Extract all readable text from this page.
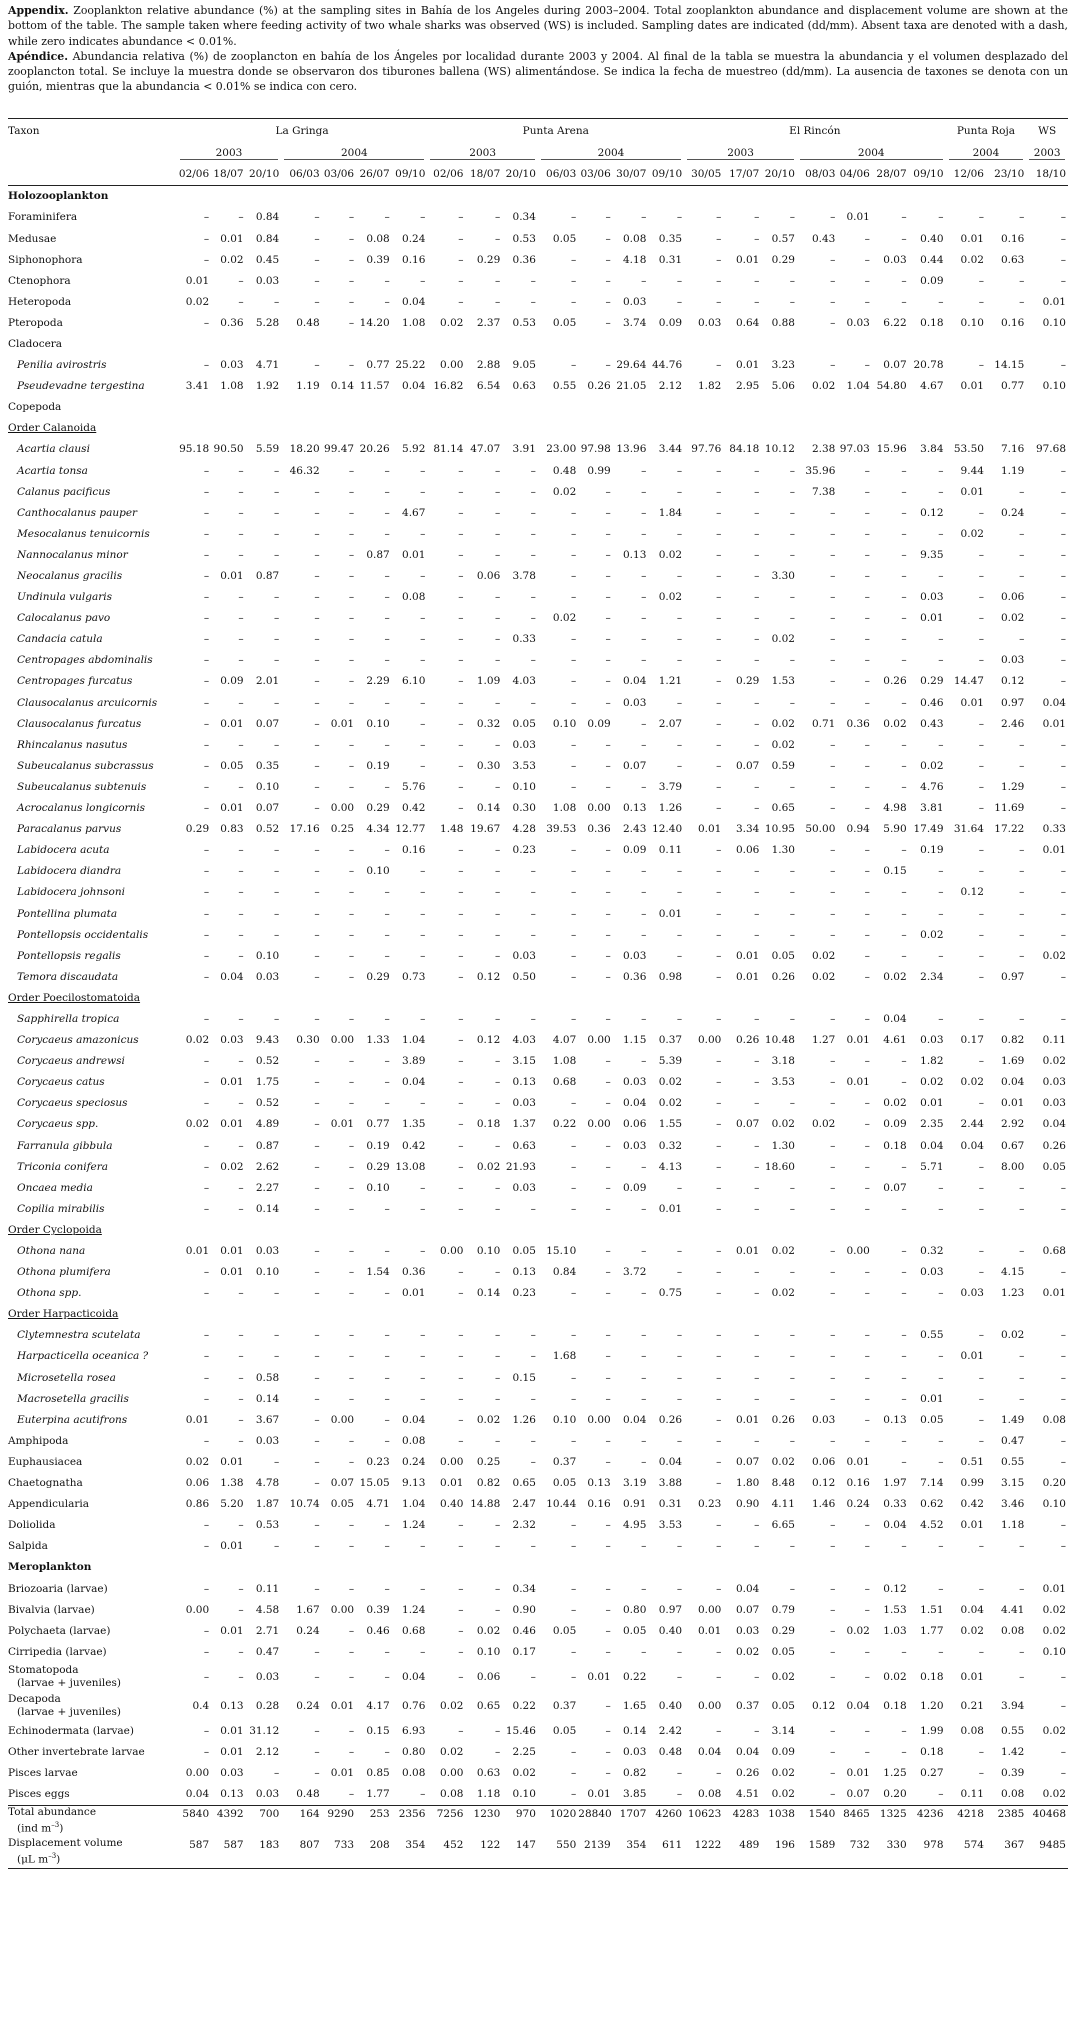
Appendix. Zooplankton relative abundance (%) at the sampling sites in Bahía de los Angeles during 2003–2004. Total zooplankton abundance and displacement volume are shown at the bottom of the table. The sample taken where feeding activity of two whale sharks was observed (WS) is included. Sampling dates are indicated (dd/mm). Absent taxa are denoted with a dash, while zero indicates abundance < 0.01%.

Apéndice. Abundancia relativa (%) de zooplancton en bahía de los Ángeles por localidad durante 2003 y 2004. Al final de la tabla se muestra la abundancia y el volumen desplazado del zooplancton total. Se incluye la muestra donde se observaron dos tiburones ballena (WS) alimentándose. Se indica la fecha de muestreo (dd/mm). La ausencia de taxones se denota con un guión, mientras que la abundancia < 0.01% se indica con cero.

Taxon	La Gringa							Punta Arena							El Rincón							Punta Roja		WS

	2003			2004				2003			2004				2003			2004				2004		2003

	02/06	18/07	20/10	06/03	03/06	26/07	09/10	02/06	18/07	20/10	06/03	03/06	30/07	09/10	30/05	17/07	20/10	08/03	04/06	28/07	09/10	12/06	23/10	18/10
Holozooplankton																								
Foraminifera	–	–	0.84	–	–	–	–	–	–	0.34	–	–	–	–	–	–	–	–	0.01	–	–	–	–	–
Medusae	–	0.01	0.84	–	–	0.08	0.24	–	–	0.53	0.05	–	0.08	0.35	–	–	0.57	0.43	–	–	0.40	0.01	0.16	–
Siphonophora	–	0.02	0.45	–	–	0.39	0.16	–	0.29	0.36	–	–	4.18	0.31	–	0.01	0.29	–	–	0.03	0.44	0.02	0.63	–
Ctenophora	0.01	–	0.03	–	–	–	–	–	–	–	–	–	–	–	–	–	–	–	–	–	0.09	–	–	–
Heteropoda	0.02	–	–	–	–	–	0.04	–	–	–	–	–	0.03	–	–	–	–	–	–	–	–	–	–	0.01
Pteropoda	–	0.36	5.28	0.48	–	14.20	1.08	0.02	2.37	0.53	0.05	–	3.74	0.09	0.03	0.64	0.88	–	0.03	6.22	0.18	0.10	0.16	0.10
Cladocera																								
Penilia avirostris	–	0.03	4.71	–	–	0.77	25.22	0.00	2.88	9.05	–	–	29.64	44.76	–	0.01	3.23	–	–	0.07	20.78	–	14.15	–
Pseudevadne tergestina	3.41	1.08	1.92	1.19	0.14	11.57	0.04	16.82	6.54	0.63	0.55	0.26	21.05	2.12	1.82	2.95	5.06	0.02	1.04	54.80	4.67	0.01	0.77	0.10
Copepoda																								
Order Calanoida																								
Acartia clausi	95.18	90.50	5.59	18.20	99.47	20.26	5.92	81.14	47.07	3.91	23.00	97.98	13.96	3.44	97.76	84.18	10.12	2.38	97.03	15.96	3.84	53.50	7.16	97.68
Acartia tonsa	–	–	–	46.32	–	–	–	–	–	–	0.48	0.99	–	–	–	–	–	35.96	–	–	–	9.44	1.19	–
Calanus pacificus	–	–	–	–	–	–	–	–	–	–	0.02	–	–	–	–	–	–	7.38	–	–	–	0.01	–	–
Canthocalanus pauper	–	–	–	–	–	–	4.67	–	–	–	–	–	–	1.84	–	–	–	–	–	–	0.12	–	0.24	–
Mesocalanus tenuicornis	–	–	–	–	–	–	–	–	–	–	–	–	–	–	–	–	–	–	–	–	–	0.02	–	–
Nannocalanus minor	–	–	–	–	–	0.87	0.01	–	–	–	–	–	0.13	0.02	–	–	–	–	–	–	9.35	–	–	–
Neocalanus gracilis	–	0.01	0.87	–	–	–	–	–	0.06	3.78	–	–	–	–	–	–	3.30	–	–	–	–	–	–	–
Undinula vulgaris	–	–	–	–	–	–	0.08	–	–	–	–	–	–	0.02	–	–	–	–	–	–	0.03	–	0.06	–
Calocalanus pavo	–	–	–	–	–	–	–	–	–	–	0.02	–	–	–	–	–	–	–	–	–	0.01	–	0.02	–
Candacia catula	–	–	–	–	–	–	–	–	–	0.33	–	–	–	–	–	–	0.02	–	–	–	–	–	–	–
Centropages abdominalis	–	–	–	–	–	–	–	–	–	–	–	–	–	–	–	–	–	–	–	–	–	–	0.03	–
Centropages furcatus	–	0.09	2.01	–	–	2.29	6.10	–	1.09	4.03	–	–	0.04	1.21	–	0.29	1.53	–	–	0.26	0.29	14.47	0.12	–
Clausocalanus arcuicornis	–	–	–	–	–	–	–	–	–	–	–	–	0.03	–	–	–	–	–	–	–	0.46	0.01	0.97	0.04
Clausocalanus furcatus	–	0.01	0.07	–	0.01	0.10	–	–	0.32	0.05	0.10	0.09	–	2.07	–	–	0.02	0.71	0.36	0.02	0.43	–	2.46	0.01
Rhincalanus nasutus	–	–	–	–	–	–	–	–	–	0.03	–	–	–	–	–	–	0.02	–	–	–	–	–	–	–
Subeucalanus subcrassus	–	0.05	0.35	–	–	0.19	–	–	0.30	3.53	–	–	0.07	–	–	0.07	0.59	–	–	–	0.02	–	–	–
Subeucalanus subtenuis	–	–	0.10	–	–	–	5.76	–	–	0.10	–	–	–	3.79	–	–	–	–	–	–	4.76	–	1.29	–
Acrocalanus longicornis	–	0.01	0.07	–	0.00	0.29	0.42	–	0.14	0.30	1.08	0.00	0.13	1.26	–	–	0.65	–	–	4.98	3.81	–	11.69	–
Paracalanus parvus	0.29	0.83	0.52	17.16	0.25	4.34	12.77	1.48	19.67	4.28	39.53	0.36	2.43	12.40	0.01	3.34	10.95	50.00	0.94	5.90	17.49	31.64	17.22	0.33
Labidocera acuta	–	–	–	–	–	–	0.16	–	–	0.23	–	–	0.09	0.11	–	0.06	1.30	–	–	–	0.19	–	–	0.01
Labidocera diandra	–	–	–	–	–	0.10	–	–	–	–	–	–	–	–	–	–	–	–	–	0.15	–	–	–	–
Labidocera johnsoni	–	–	–	–	–	–	–	–	–	–	–	–	–	–	–	–	–	–	–	–	–	0.12	–	–
Pontellina plumata	–	–	–	–	–	–	–	–	–	–	–	–	–	0.01	–	–	–	–	–	–	–	–	–	–
Pontellopsis occidentalis	–	–	–	–	–	–	–	–	–	–	–	–	–	–	–	–	–	–	–	–	0.02	–	–	–
Pontellopsis regalis	–	–	0.10	–	–	–	–	–	–	0.03	–	–	0.03	–	–	0.01	0.05	0.02	–	–	–	–	–	0.02
Temora discaudata	–	0.04	0.03	–	–	0.29	0.73	–	0.12	0.50	–	–	0.36	0.98	–	0.01	0.26	0.02	–	0.02	2.34	–	0.97	–
Order Poecilostomatoida																								
Sapphirella tropica	–	–	–	–	–	–	–	–	–	–	–	–	–	–	–	–	–	–	–	0.04	–	–	–	–
Corycaeus amazonicus	0.02	0.03	9.43	0.30	0.00	1.33	1.04	–	0.12	4.03	4.07	0.00	1.15	0.37	0.00	0.26	10.48	1.27	0.01	4.61	0.03	0.17	0.82	0.11
Corycaeus andrewsi	–	–	0.52	–	–	–	3.89	–	–	3.15	1.08	–	–	5.39	–	–	3.18	–	–	–	1.82	–	1.69	0.02
Corycaeus catus	–	0.01	1.75	–	–	–	0.04	–	–	0.13	0.68	–	0.03	0.02	–	–	3.53	–	0.01	–	0.02	0.02	0.04	0.03
Corycaeus speciosus	–	–	0.52	–	–	–	–	–	–	0.03	–	–	0.04	0.02	–	–	–	–	–	0.02	0.01	–	0.01	0.03
Corycaeus spp.	0.02	0.01	4.89	–	0.01	0.77	1.35	–	0.18	1.37	0.22	0.00	0.06	1.55	–	0.07	0.02	0.02	–	0.09	2.35	2.44	2.92	0.04
Farranula gibbula	–	–	0.87	–	–	0.19	0.42	–	–	0.63	–	–	0.03	0.32	–	–	1.30	–	–	0.18	0.04	0.04	0.67	0.26
Triconia conifera	–	0.02	2.62	–	–	0.29	13.08	–	0.02	21.93	–	–	–	4.13	–	–	18.60	–	–	–	5.71	–	8.00	0.05
Oncaea media	–	–	2.27	–	–	0.10	–	–	–	0.03	–	–	0.09	–	–	–	–	–	–	0.07	–	–	–	–
Copilia mirabilis	–	–	0.14	–	–	–	–	–	–	–	–	–	–	0.01	–	–	–	–	–	–	–	–	–	–
Order Cyclopoida																								
Othona nana	0.01	0.01	0.03	–	–	–	–	0.00	0.10	0.05	15.10	–	–	–	–	0.01	0.02	–	0.00	–	0.32	–	–	0.68
Othona plumifera	–	0.01	0.10	–	–	1.54	0.36	–	–	0.13	0.84	–	3.72	–	–	–	–	–	–	–	0.03	–	4.15	–
Othona spp.	–	–	–	–	–	–	0.01	–	0.14	0.23	–	–	–	0.75	–	–	0.02	–	–	–	–	0.03	1.23	0.01
Order Harpacticoida																								
Clytemnestra scutelata	–	–	–	–	–	–	–	–	–	–	–	–	–	–	–	–	–	–	–	–	0.55	–	0.02	–
Harpacticella oceanica ?	–	–	–	–	–	–	–	–	–	–	1.68	–	–	–	–	–	–	–	–	–	–	0.01	–	–
Microsetella rosea	–	–	0.58	–	–	–	–	–	–	0.15	–	–	–	–	–	–	–	–	–	–	–	–	–	–
Macrosetella gracilis	–	–	0.14	–	–	–	–	–	–	–	–	–	–	–	–	–	–	–	–	–	0.01	–	–	–
Euterpina acutifrons	0.01	–	3.67	–	0.00	–	0.04	–	0.02	1.26	0.10	0.00	0.04	0.26	–	0.01	0.26	0.03	–	0.13	0.05	–	1.49	0.08
Amphipoda	–	–	0.03	–	–	–	0.08	–	–	–	–	–	–	–	–	–	–	–	–	–	–	–	0.47	–
Euphausiacea	0.02	0.01	–	–	–	0.23	0.24	0.00	0.25	–	0.37	–	–	0.04	–	0.07	0.02	0.06	0.01	–	–	0.51	0.55	–
Chaetognatha	0.06	1.38	4.78	–	0.07	15.05	9.13	0.01	0.82	0.65	0.05	0.13	3.19	3.88	–	1.80	8.48	0.12	0.16	1.97	7.14	0.99	3.15	0.20
Appendicularia	0.86	5.20	1.87	10.74	0.05	4.71	1.04	0.40	14.88	2.47	10.44	0.16	0.91	0.31	0.23	0.90	4.11	1.46	0.24	0.33	0.62	0.42	3.46	0.10
Doliolida	–	–	0.53	–	–	–	1.24	–	–	2.32	–	–	4.95	3.53	–	–	6.65	–	–	0.04	4.52	0.01	1.18	–
Salpida	–	0.01	–	–	–	–	–	–	–	–	–	–	–	–	–	–	–	–	–	–	–	–	–	–
Meroplankton																								
Briozoaria (larvae)	–	–	0.11	–	–	–	–	–	–	0.34	–	–	–	–	–	0.04	–	–	–	0.12	–	–	–	0.01
Bivalvia (larvae)	0.00	–	4.58	1.67	0.00	0.39	1.24	–	–	0.90	–	–	0.80	0.97	0.00	0.07	0.79	–	–	1.53	1.51	0.04	4.41	0.02
Polychaeta (larvae)	–	0.01	2.71	0.24	–	0.46	0.68	–	0.02	0.46	0.05	–	0.05	0.40	0.01	0.03	0.29	–	0.02	1.03	1.77	0.02	0.08	0.02
Cirripedia (larvae)	–	–	0.47	–	–	–	–	–	0.10	0.17	–	–	–	–	–	0.02	0.05	–	–	–	–	–	–	0.10

Stomatopoda
(larvae + juveniles)	–	–	0.03	–	–	–	0.04	–	0.06	–	–	0.01	0.22	–	–	–	0.02	–	–	0.02	0.18	0.01	–	–

Decapoda
(larvae + juveniles)	0.4	0.13	0.28	0.24	0.01	4.17	0.76	0.02	0.65	0.22	0.37	–	1.65	0.40	0.00	0.37	0.05	0.12	0.04	0.18	1.20	0.21	3.94	–
Echinodermata (larvae)	–	0.01	31.12	–	–	0.15	6.93	–	–	15.46	0.05	–	0.14	2.42	–	–	3.14	–	–	–	1.99	0.08	0.55	0.02
Other invertebrate larvae	–	0.01	2.12	–	–	–	0.80	0.02	–	2.25	–	–	0.03	0.48	0.04	0.04	0.09	–	–	–	0.18	–	1.42	–
Pisces larvae	0.00	0.03	–	–	0.01	0.85	0.08	0.00	0.63	0.02	–	–	0.82	–	–	0.26	0.02	–	0.01	1.25	0.27	–	0.39	–
Pisces eggs	0.04	0.13	0.03	0.48	–	1.77	–	0.08	1.18	0.10	–	0.01	3.85	–	0.08	4.51	0.02	–	0.07	0.20	–	0.11	0.08	0.02

Total abundance
(ind $m^{-3}$)	5840	4392	700	164	9290	253	2356	7256	1230	970	1020	28840	1707	4260	10623	4283	1038	1540	8465	1325	4236	4218	2385	40468

Displacement volume
(μL $m^{-3}$)	587	587	183	807	733	208	354	452	122	147	550	2139	354	611	1222	489	196	1589	732	330	978	574	367	9485
